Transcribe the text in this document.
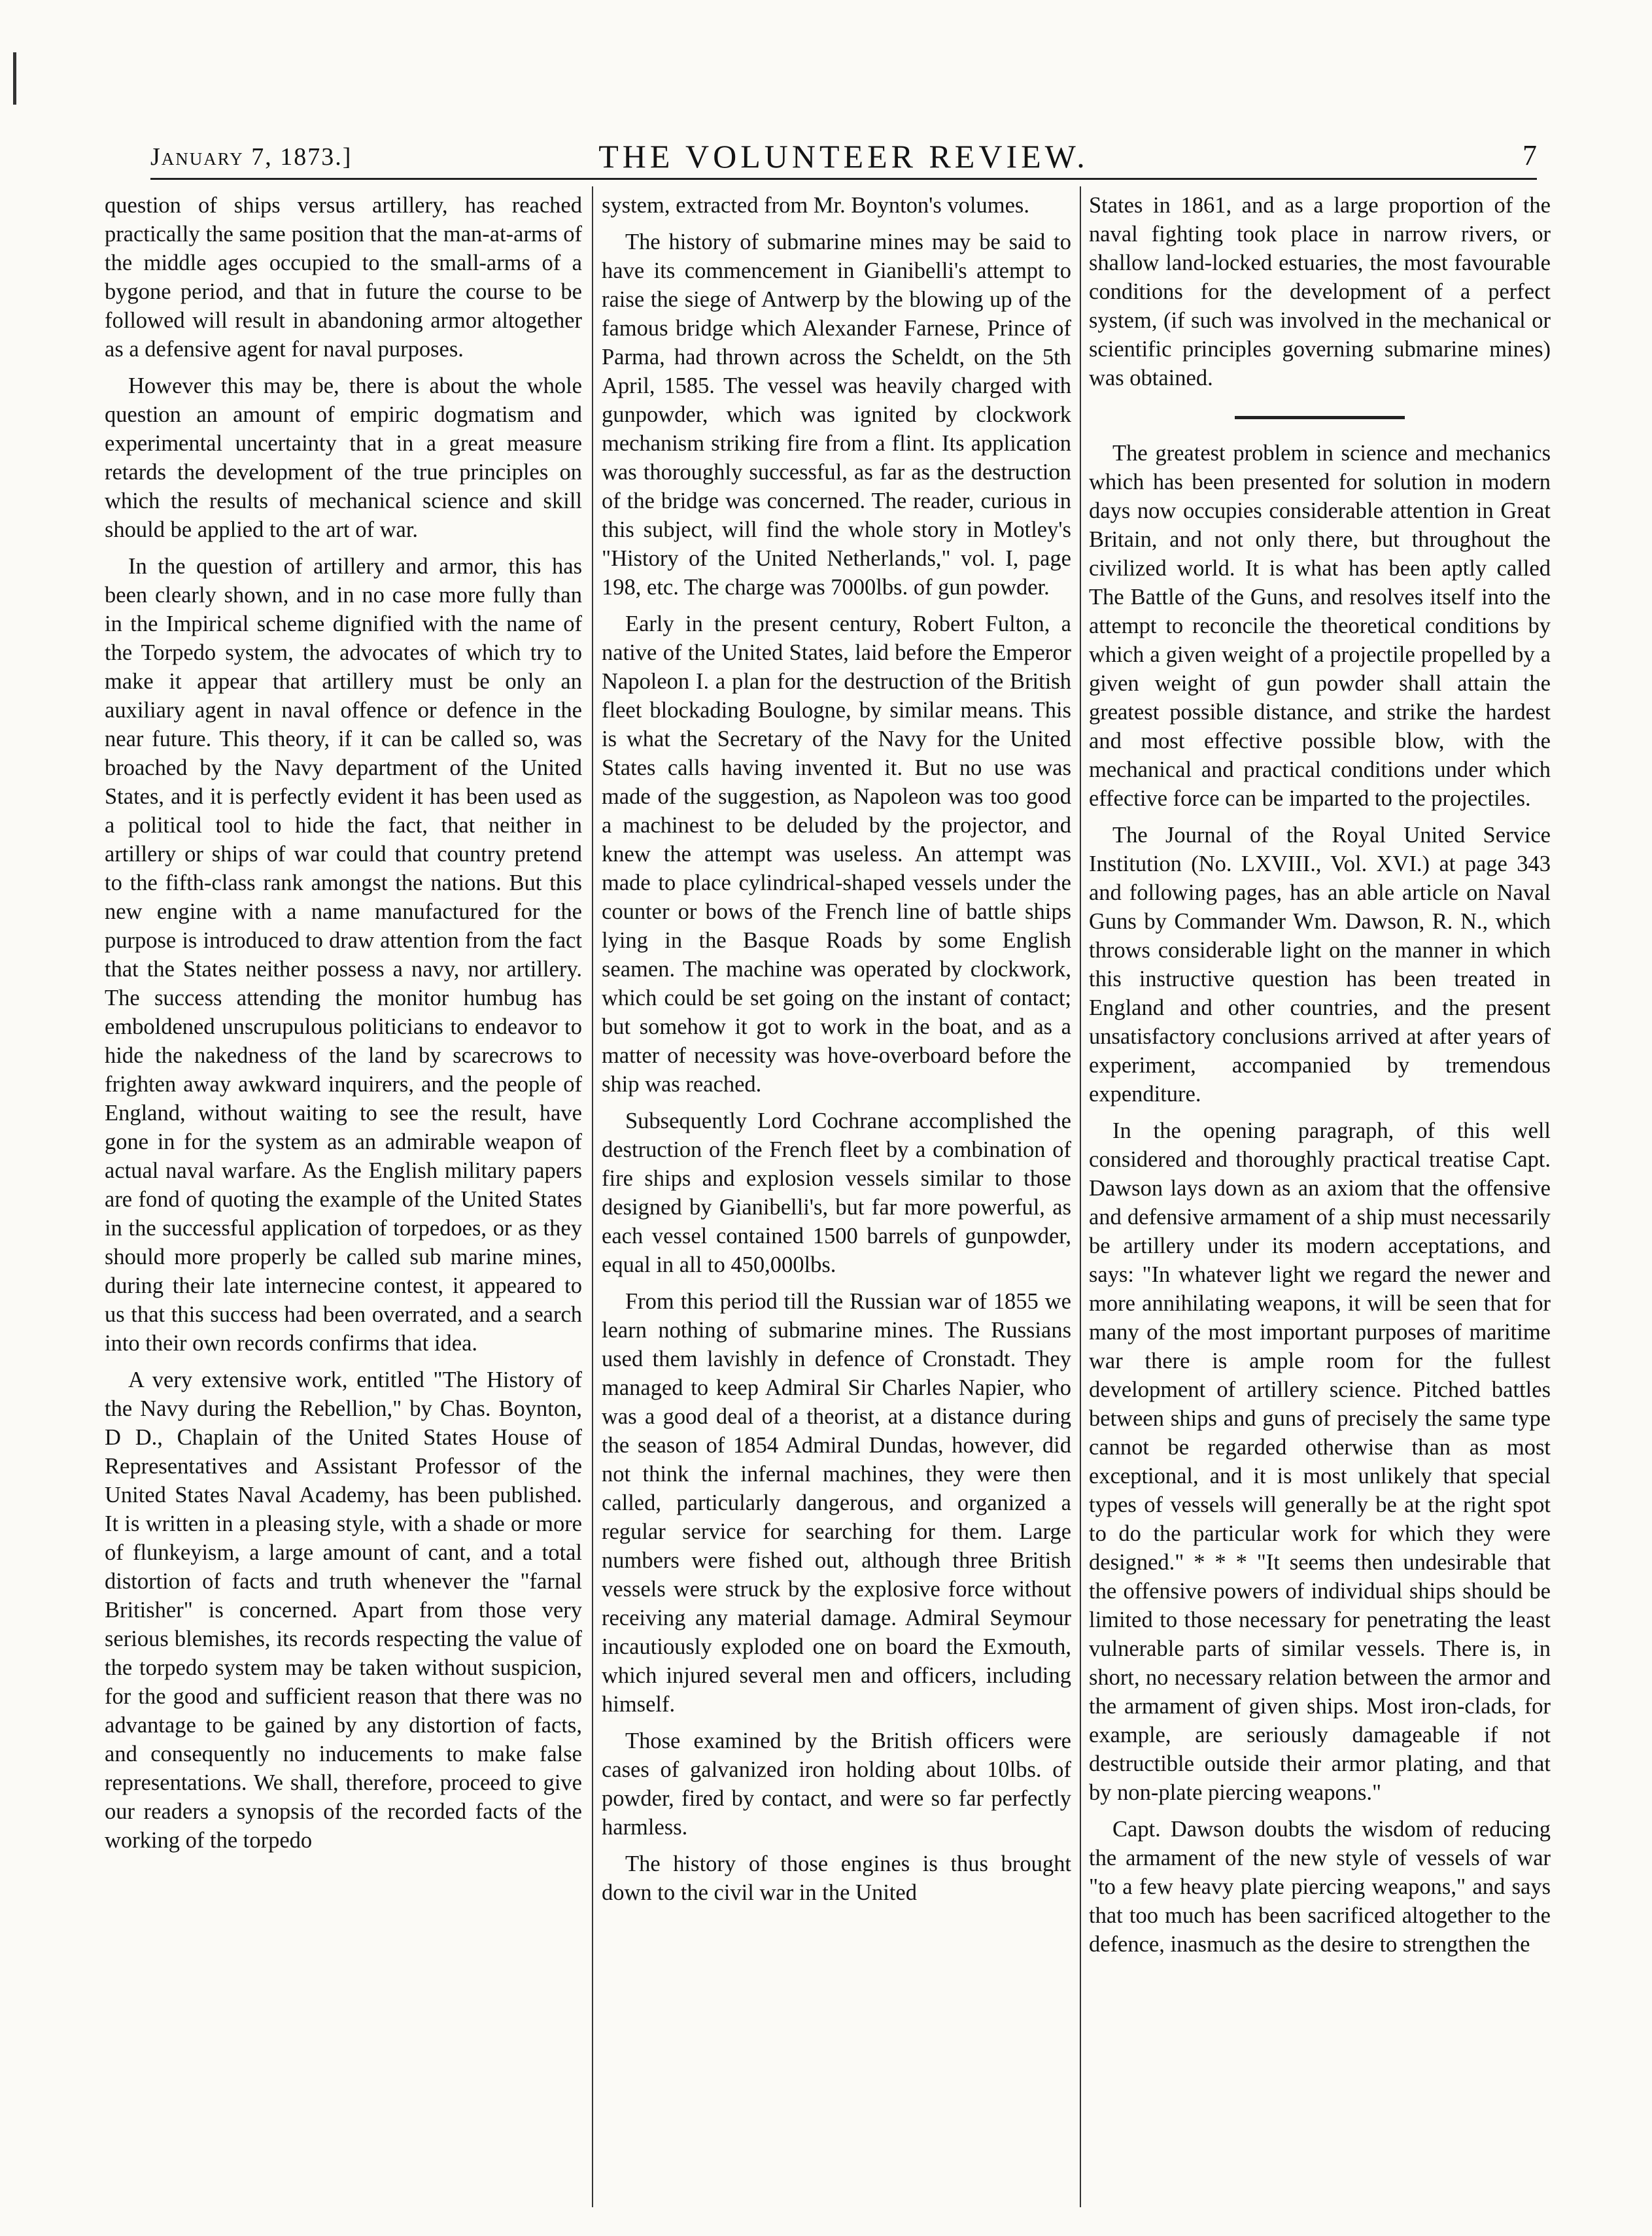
January 7, 1873.]	THE VOLUNTEER REVIEW.	7

question of ships versus artillery, has reached practically the same position that the man-at-arms of the middle ages occupied to the small-arms of a bygone period, and that in future the course to be followed will result in abandoning armor altogether as a defensive agent for naval purposes.

However this may be, there is about the whole question an amount of empiric dogmatism and experimental uncertainty that in a great measure retards the development of the true principles on which the results of mechanical science and skill should be applied to the art of war.

In the question of artillery and armor, this has been clearly shown, and in no case more fully than in the Impirical scheme dignified with the name of the Torpedo system, the advocates of which try to make it appear that artillery must be only an auxiliary agent in naval offence or defence in the near future. This theory, if it can be called so, was broached by the Navy department of the United States, and it is perfectly evident it has been used as a political tool to hide the fact, that neither in artillery or ships of war could that country pretend to the fifth-class rank amongst the nations. But this new engine with a name manufactured for the purpose is introduced to draw attention from the fact that the States neither possess a navy, nor artillery. The success attending the monitor humbug has emboldened unscrupulous politicians to endeavor to hide the nakedness of the land by scarecrows to frighten away awkward inquirers, and the people of England, without waiting to see the result, have gone in for the system as an admirable weapon of actual naval warfare. As the English military papers are fond of quoting the example of the United States in the successful application of torpedoes, or as they should more properly be called sub marine mines, during their late internecine contest, it appeared to us that this success had been overrated, and a search into their own records confirms that idea.

A very extensive work, entitled "The History of the Navy during the Rebellion," by Chas. Boynton, D D., Chaplain of the United States House of Representatives and Assistant Professor of the United States Naval Academy, has been published. It is written in a pleasing style, with a shade or more of flunkeyism, a large amount of cant, and a total distortion of facts and truth whenever the "farnal Britisher" is concerned. Apart from those very serious blemishes, its records respecting the value of the torpedo system may be taken without suspicion, for the good and sufficient reason that there was no advantage to be gained by any distortion of facts, and consequently no inducements to make false representations. We shall, therefore, proceed to give our readers a synopsis of the recorded facts of the working of the torpedo

system, extracted from Mr. Boynton's volumes.

The history of submarine mines may be said to have its commencement in Gianibelli's attempt to raise the siege of Antwerp by the blowing up of the famous bridge which Alexander Farnese, Prince of Parma, had thrown across the Scheldt, on the 5th April, 1585. The vessel was heavily charged with gunpowder, which was ignited by clockwork mechanism striking fire from a flint. Its application was thoroughly successful, as far as the destruction of the bridge was concerned. The reader, curious in this subject, will find the whole story in Motley's "History of the United Netherlands," vol. I, page 198, etc. The charge was 7000lbs. of gun powder.

Early in the present century, Robert Fulton, a native of the United States, laid before the Emperor Napoleon I. a plan for the destruction of the British fleet blockading Boulogne, by similar means. This is what the Secretary of the Navy for the United States calls having invented it. But no use was made of the suggestion, as Napoleon was too good a machinest to be deluded by the projector, and knew the attempt was useless. An attempt was made to place cylindrical-shaped vessels under the counter or bows of the French line of battle ships lying in the Basque Roads by some English seamen. The machine was operated by clockwork, which could be set going on the instant of contact; but somehow it got to work in the boat, and as a matter of necessity was hove-overboard before the ship was reached.

Subsequently Lord Cochrane accomplished the destruction of the French fleet by a combination of fire ships and explosion vessels similar to those designed by Gianibelli's, but far more powerful, as each vessel contained 1500 barrels of gunpowder, equal in all to 450,000lbs.

From this period till the Russian war of 1855 we learn nothing of submarine mines. The Russians used them lavishly in defence of Cronstadt. They managed to keep Admiral Sir Charles Napier, who was a good deal of a theorist, at a distance during the season of 1854 Admiral Dundas, however, did not think the infernal machines, they were then called, particularly dangerous, and organized a regular service for searching for them. Large numbers were fished out, although three British vessels were struck by the explosive force without receiving any material damage. Admiral Seymour incautiously exploded one on board the Exmouth, which injured several men and officers, including himself.

Those examined by the British officers were cases of galvanized iron holding about 10lbs. of powder, fired by contact, and were so far perfectly harmless.

The history of those engines is thus brought down to the civil war in the United

States in 1861, and as a large proportion of the naval fighting took place in narrow rivers, or shallow land-locked estuaries, the most favourable conditions for the development of a perfect system, (if such was involved in the mechanical or scientific principles governing submarine mines) was obtained.

The greatest problem in science and mechanics which has been presented for solution in modern days now occupies considerable attention in Great Britain, and not only there, but throughout the civilized world. It is what has been aptly called The Battle of the Guns, and resolves itself into the attempt to reconcile the theoretical conditions by which a given weight of a projectile propelled by a given weight of gun powder shall attain the greatest possible distance, and strike the hardest and most effective possible blow, with the mechanical and practical conditions under which effective force can be imparted to the projectiles.

The Journal of the Royal United Service Institution (No. LXVIII., Vol. XVI.) at page 343 and following pages, has an able article on Naval Guns by Commander Wm. Dawson, R. N., which throws considerable light on the manner in which this instructive question has been treated in England and other countries, and the present unsatisfactory conclusions arrived at after years of experiment, accompanied by tremendous expenditure.

In the opening paragraph, of this well considered and thoroughly practical treatise Capt. Dawson lays down as an axiom that the offensive and defensive armament of a ship must necessarily be artillery under its modern acceptations, and says: "In whatever light we regard the newer and more annihilating weapons, it will be seen that for many of the most important purposes of maritime war there is ample room for the fullest development of artillery science. Pitched battles between ships and guns of precisely the same type cannot be regarded otherwise than as most exceptional, and it is most unlikely that special types of vessels will generally be at the right spot to do the particular work for which they were designed." * * * "It seems then undesirable that the offensive powers of individual ships should be limited to those necessary for penetrating the least vulnerable parts of similar vessels. There is, in short, no necessary relation between the armor and the armament of given ships. Most iron-clads, for example, are seriously damageable if not destructible outside their armor plating, and that by non-plate piercing weapons."

Capt. Dawson doubts the wisdom of reducing the armament of the new style of vessels of war "to a few heavy plate piercing weapons," and says that too much has been sacrificed altogether to the defence, inasmuch as the desire to strengthen the
